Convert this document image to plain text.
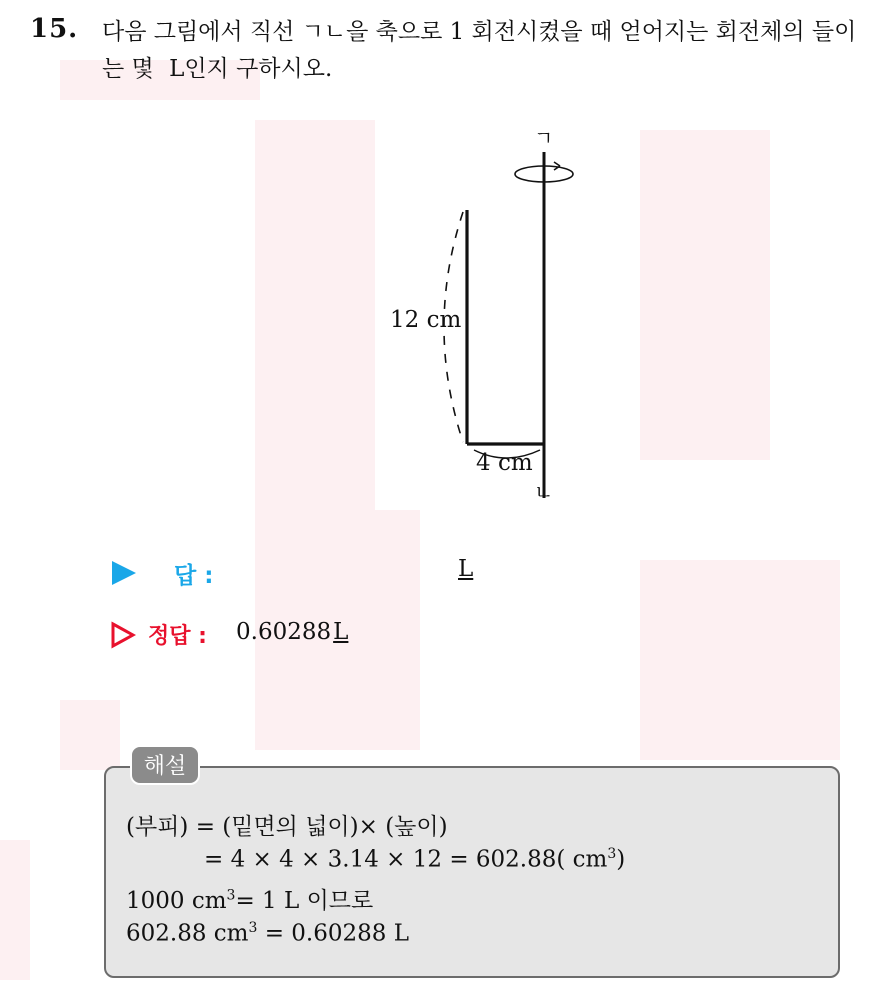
15. 다음 그림에서 직선 ㄱㄴ을 축으로 1 회전시켰을 때 얻어지는 회전체의 들이는 몇 L인지 구하시오.
ㄱ
ㄴ
12 cm
4 cm
답 :	L
정답 : 0.60288L
해설
(부피) = (밑면의 넓이)× (높이)
= 4 × 4 × 3.14 × 12 = 602.88( $cm^3$)
1000 $cm^3= 1$ L 이므로
602.88 $cm^3 = 0.60288$ L
